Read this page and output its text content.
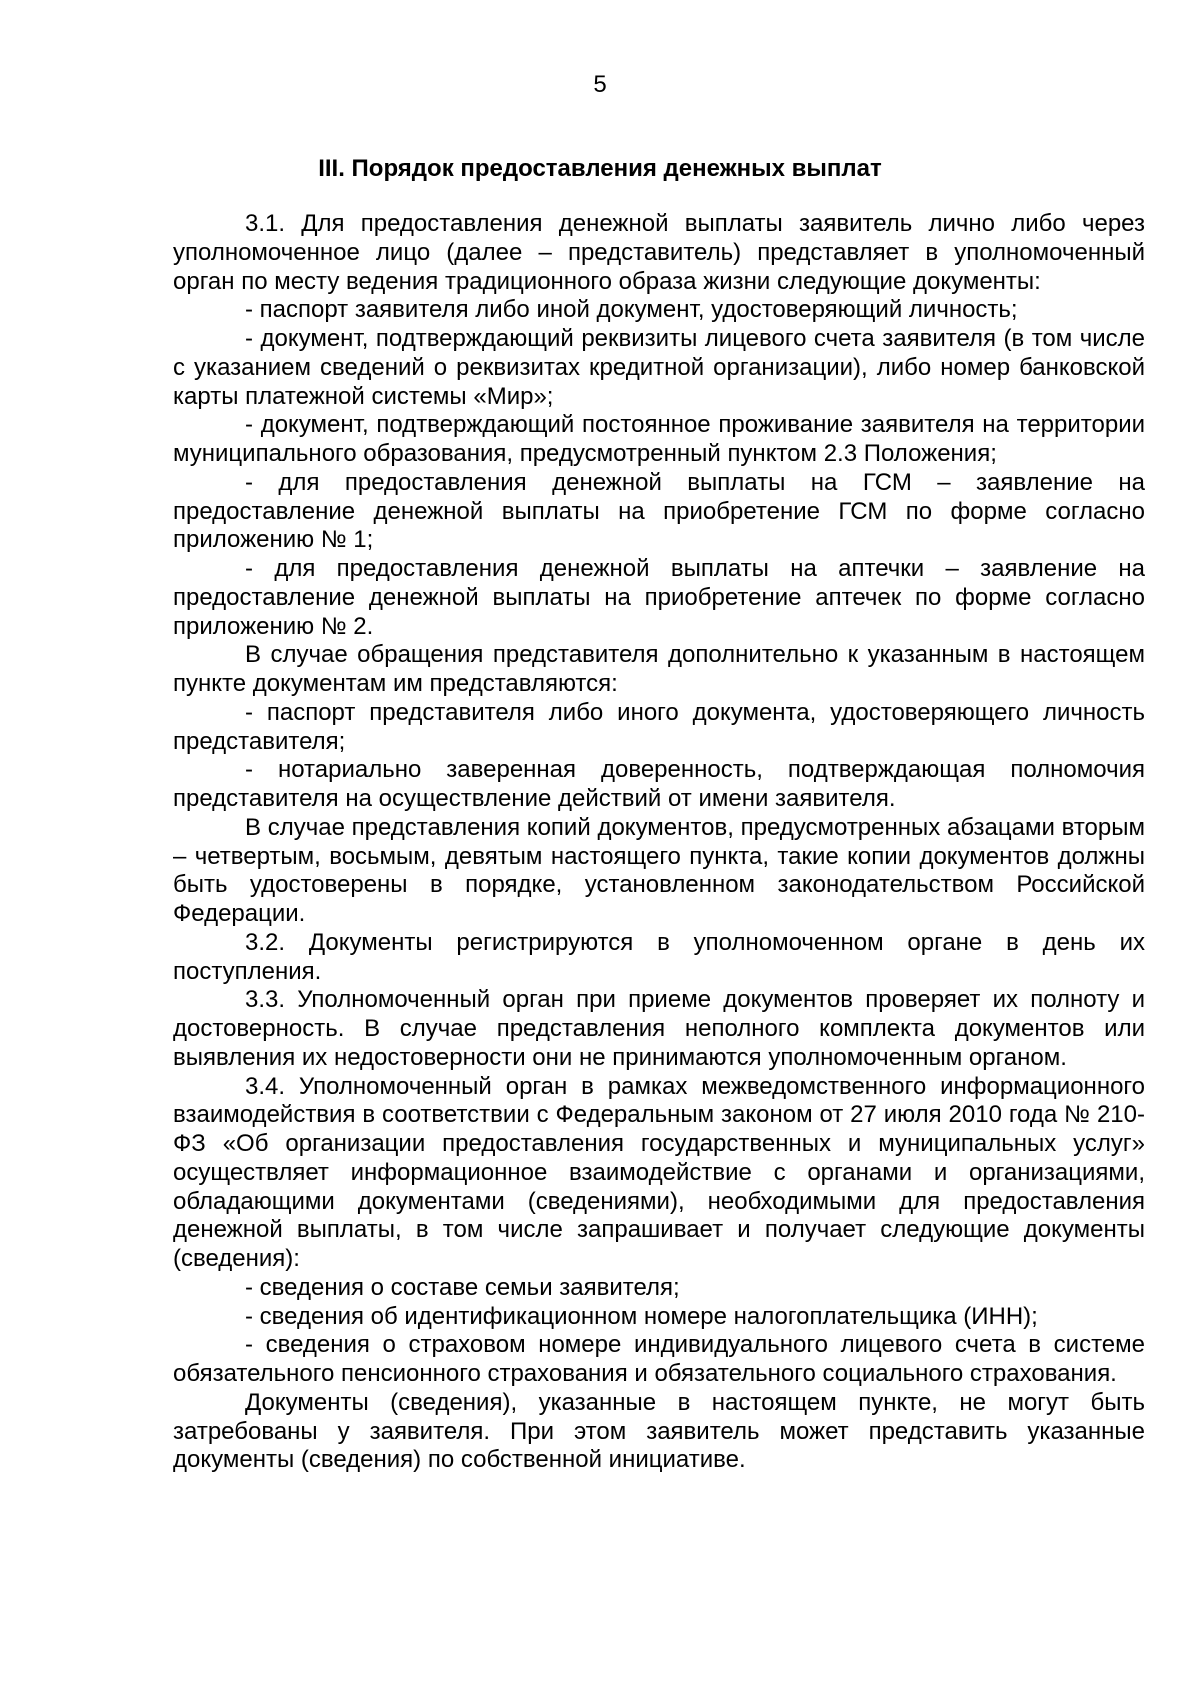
5
III. Порядок предоставления денежных выплат

3.1. Для предоставления денежной выплаты заявитель лично либо через уполномоченное лицо (далее – представитель) представляет в уполномоченный орган по месту ведения традиционного образа жизни следующие документы:

- паспорт заявителя либо иной документ, удостоверяющий личность;

- документ, подтверждающий реквизиты лицевого счета заявителя (в том числе с указанием сведений о реквизитах кредитной организации), либо номер банковской карты платежной системы «Мир»;

- документ, подтверждающий постоянное проживание заявителя на территории муниципального образования, предусмотренный пунктом 2.3 Положения;

- для предоставления денежной выплаты на ГСМ – заявление на предоставление денежной выплаты на приобретение ГСМ по форме согласно приложению № 1;

- для предоставления денежной выплаты на аптечки – заявление на предоставление денежной выплаты на приобретение аптечек по форме согласно приложению № 2.

В случае обращения представителя дополнительно к указанным в настоящем пункте документам им представляются:

- паспорт представителя либо иного документа, удостоверяющего личность представителя;

- нотариально заверенная доверенность, подтверждающая полномочия представителя на осуществление действий от имени заявителя.

В случае представления копий документов, предусмотренных абзацами вторым – четвертым, восьмым, девятым настоящего пункта, такие копии документов должны быть удостоверены в порядке, установленном законодательством Российской Федерации.

3.2. Документы регистрируются в уполномоченном органе в день их поступления.

3.3. Уполномоченный орган при приеме документов проверяет их полноту и достоверность. В случае представления неполного комплекта документов или выявления их недостоверности они не принимаются уполномоченным органом.

3.4. Уполномоченный орган в рамках межведомственного информационного взаимодействия в соответствии с Федеральным законом от 27 июля 2010 года № 210-ФЗ «Об организации предоставления государственных и муниципальных услуг» осуществляет информационное взаимодействие с органами и организациями, обладающими документами (сведениями), необходимыми для предоставления денежной выплаты, в том числе запрашивает и получает следующие документы (сведения):

- сведения о составе семьи заявителя;

- сведения об идентификационном номере налогоплательщика (ИНН);

- сведения о страховом номере индивидуального лицевого счета в системе обязательного пенсионного страхования и обязательного социального страхования.

Документы (сведения), указанные в настоящем пункте, не могут быть затребованы у заявителя. При этом заявитель может представить указанные документы (сведения) по собственной инициативе.
